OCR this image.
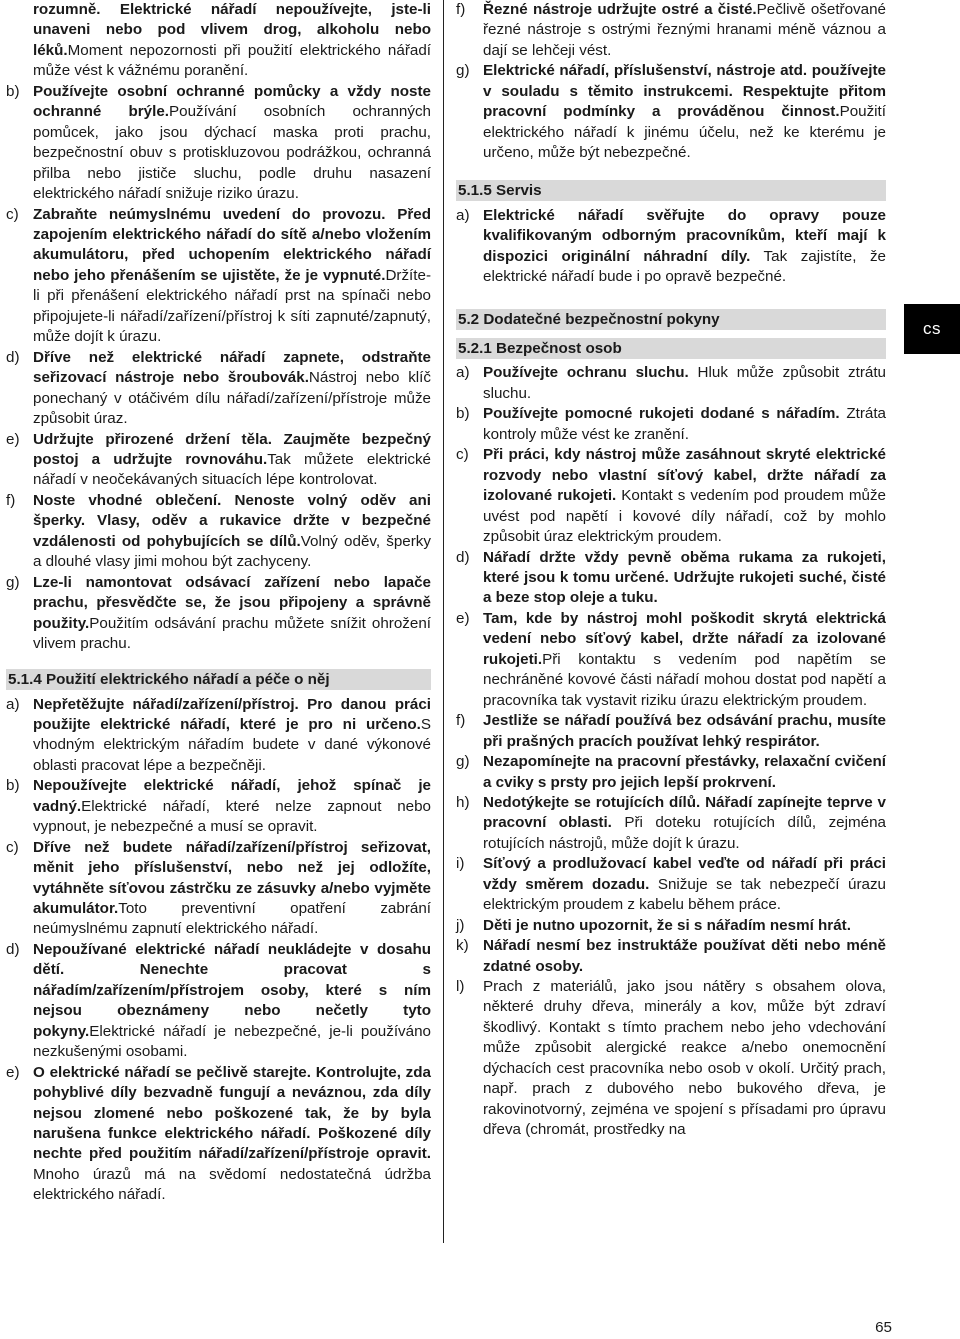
rozumně. Elektrické nářadí nepoužívejte, jste-li unaveni nebo pod vlivem drog, alkoholu nebo léků.Moment nepozornosti při použití elektrického nářadí může vést k vážnému poranění.

b) Používejte osobní ochranné pomůcky a vždy noste ochranné brýle.Používání osobních ochranných pomůcek, jako jsou dýchací maska proti prachu, bezpečnostní obuv s protiskluzovou podrážkou, ochranná přilba nebo jističe sluchu, podle druhu nasazení elektrického nářadí snižuje riziko úrazu.
c) Zabraňte neúmyslnému uvedení do provozu. Před zapojením elektrického nářadí do sítě a/nebo vložením akumulátoru, před uchopením elektrického nářadí nebo jeho přenášením se ujistěte, že je vypnuté.Držíte-li při přenášení elektrického nářadí prst na spínači nebo připojujete-li nářadí/zařízení/přístroj k síti zapnuté/zapnutý, může dojít k úrazu.
d) Dříve než elektrické nářadí zapnete, odstraňte seřizovací nástroje nebo šroubovák.Nástroj nebo klíč ponechaný v otáčivém dílu nářadí/zařízení/přístroje může způsobit úraz.
e) Udržujte přirozené držení těla. Zaujměte bezpečný postoj a udržujte rovnováhu.Tak můžete elektrické nářadí v neočekávaných situacích lépe kontrolovat.
f)	Noste vhodné oblečení. Nenoste volný oděv ani šperky. Vlasy, oděv a rukavice držte v bezpečné vzdálenosti od pohybujících se dílů.Volný oděv, šperky a dlouhé vlasy jimi mohou být zachyceny.
g) Lze-li namontovat odsávací zařízení nebo lapače prachu, přesvědčte se, že jsou připojeny a správně použity.Použitím odsávání prachu můžete snížit ohrožení vlivem prachu.
5.1.4 Použití elektrického nářadí a péče o něj
a) Nepřetěžujte nářadí/zařízení/přístroj. Pro danou práci použijte elektrické nářadí, které je pro ni určeno.S vhodným elektrickým nářadím budete v dané výkonové oblasti pracovat lépe a bezpečněji.
b) Nepoužívejte elektrické nářadí, jehož spínač je vadný.Elektrické nářadí, které nelze zapnout nebo vypnout, je nebezpečné a musí se opravit.
c) Dříve než budete nářadí/zařízení/přístroj seřizovat, měnit jeho příslušenství, nebo než jej odložíte, vytáhněte síťovou zástrčku ze zásuvky a/nebo vyjměte akumulátor.Toto preventivní opatření zabrání neúmyslnému zapnutí elektrického nářadí.
d) Nepoužívané elektrické nářadí neukládejte v dosahu dětí. Nenechte pracovat s nářadím/zařízením/přístrojem osoby, které s ním nejsou obeznámeny nebo nečetly tyto pokyny.Elektrické nářadí je nebezpečné, je-li používáno nezkušenými osobami.
e) O elektrické nářadí se pečlivě starejte. Kontrolujte, zda pohyblivé díly bezvadně fungují a neváznou, zda díly nejsou zlomené nebo poškozené tak, že by byla narušena funkce elektrického nářadí. Poškozené díly nechte před použitím nářadí/zařízení/přístroje opravit. Mnoho úrazů má na svědomí nedostatečná údržba elektrického nářadí.
f)	Řezné nástroje udržujte ostré a čisté.Pečlivě ošetřované řezné nástroje s ostrými řeznými hranami méně váznou a dají se lehčeji vést.
g) Elektrické nářadí, příslušenství, nástroje atd. používejte v souladu s těmito instrukcemi. Respektujte přitom pracovní podmínky a prováděnou činnost.Použití elektrického nářadí k jinému účelu, než ke kterému je určeno, může být nebezpečné.
5.1.5 Servis
a) Elektrické nářadí svěřujte do opravy pouze kvalifikovaným odborným pracovníkům, kteří mají k dispozici originální náhradní díly. Tak zajistíte, že elektrické nářadí bude i po opravě bezpečné.
5.2 Dodatečné bezpečnostní pokyny
5.2.1 Bezpečnost osob
a) Používejte ochranu sluchu. Hluk může způsobit ztrátu sluchu.
b) Používejte pomocné rukojeti dodané s nářadím. Ztráta kontroly může vést ke zranění.
c) Při práci, kdy nástroj může zasáhnout skryté elektrické rozvody nebo vlastní síťový kabel, držte nářadí za izolované rukojeti. Kontakt s vedením pod proudem může uvést pod napětí i kovové díly nářadí, což by mohlo způsobit úraz elektrickým proudem.
d) Nářadí držte vždy pevně oběma rukama za rukojeti, které jsou k tomu určené. Udržujte rukojeti suché, čisté a beze stop oleje a tuku.
e) Tam, kde by nástroj mohl poškodit skrytá elektrická vedení nebo síťový kabel, držte nářadí za izolované rukojeti.Při kontaktu s vedením pod napětím se nechráněné kovové části nářadí mohou dostat pod napětí a pracovníka tak vystavit riziku úrazu elektrickým proudem.
f)	Jestliže se nářadí používá bez odsávání prachu, musíte při prašných pracích používat lehký respirátor.
g) Nezapomínejte na pracovní přestávky, relaxační cvičení a cviky s prsty pro jejich lepší prokrvení.
h) Nedotýkejte se rotujících dílů. Nářadí zapínejte teprve v pracovní oblasti. Při doteku rotujících dílů, zejména rotujících nástrojů, může dojít k úrazu.
i)	Síťový a prodlužovací kabel veďte od nářadí při práci vždy směrem dozadu. Snižuje se tak nebezpečí úrazu elektrickým proudem z kabelu během práce.
j)	Děti je nutno upozornit, že si s nářadím nesmí hrát.
k) Nářadí nesmí bez instruktáže používat děti nebo méně zdatné osoby.
l)	Prach z materiálů, jako jsou nátěry s obsahem olova, některé druhy dřeva, minerály a kov, může být zdraví škodlivý. Kontakt s tímto prachem nebo jeho vdechování může způsobit alergické reakce a/nebo onemocnění dýchacích cest pracovníka nebo osob v okolí. Určitý prach, např. prach z dubového nebo bukového dřeva, je rakovinotvorný, zejména ve spojení s přísadami pro úpravu dřeva (chromát, prostředky na
cs
65
